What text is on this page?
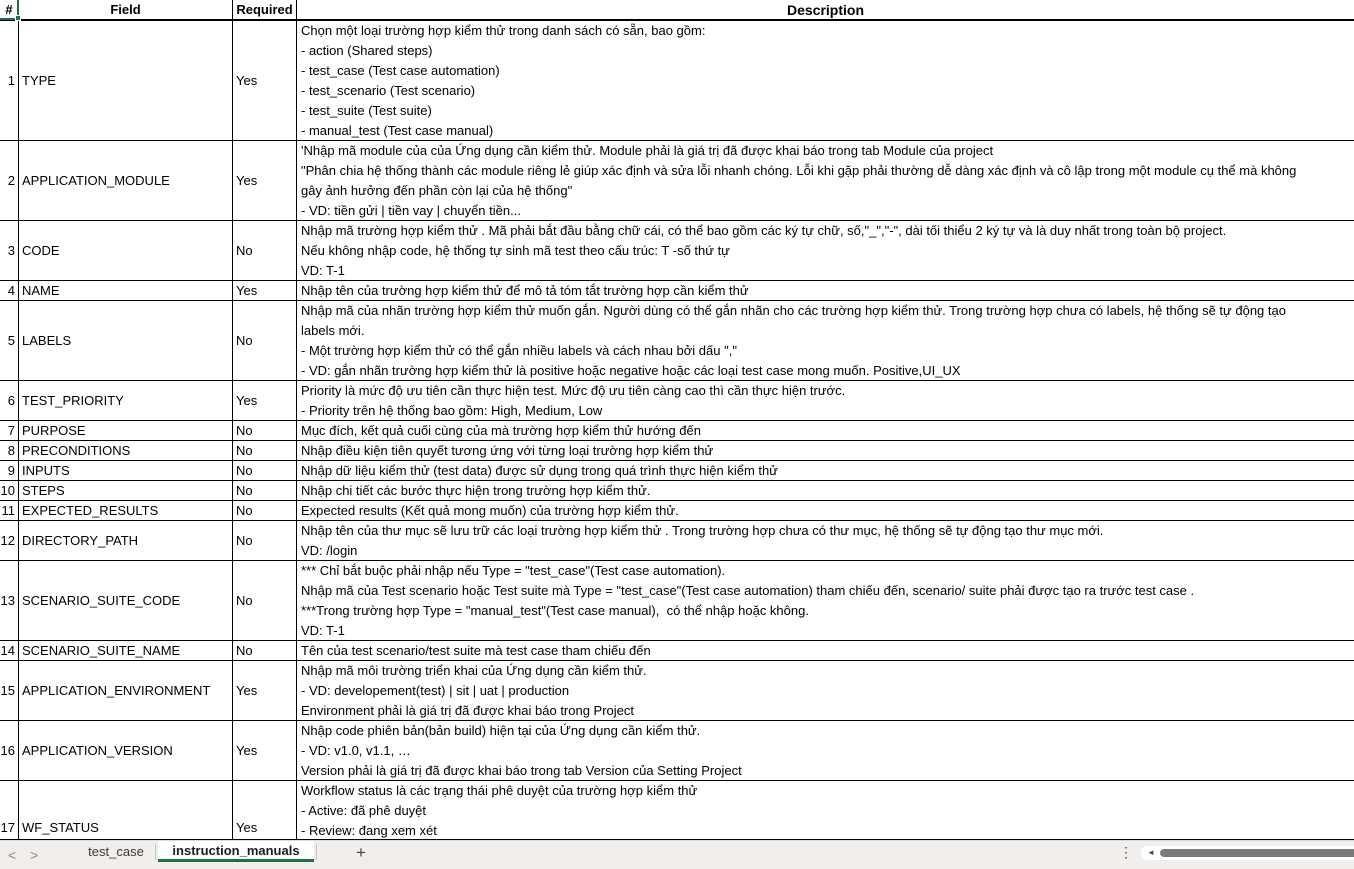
#	Field	Required	Description
1 TYPE	Yes
Chọn một loại trường hợp kiểm thử trong danh sách có sẵn, bao gồm:
- action (Shared steps)
- test_case (Test case automation)
- test_scenario (Test scenario)
- test_suite (Test suite)
- manual_test (Test case manual)
2 APPLICATION_MODULE	Yes
'Nhập mã module của của Ứng dụng cần kiểm thử. Module phải là giá trị đã được khai báo trong tab Module của project
"Phân chia hệ thống thành các module riêng lẻ giúp xác định và sửa lỗi nhanh chóng. Lỗi khi gặp phải thường dễ dàng xác định và cô lập trong một module cụ thể mà không
gây ảnh hưởng đến phần còn lại của hệ thống"
- VD: tiền gửi | tiền vay | chuyển tiền...
3 CODE	No
Nhập mã trường hợp kiểm thử . Mã phải bắt đầu bằng chữ cái, có thể bao gồm các ký tự chữ, số,"_","-", dài tối thiểu 2 ký tự và là duy nhất trong toàn bộ project.
Nếu không nhập code, hệ thống tự sinh mã test theo cấu trúc: T -số thứ tự
VD: T-1
4 NAME	Yes	Nhập tên của trường hợp kiểm thử để mô tả tóm tắt trường hợp cần kiểm thử
5 LABELS	No
Nhập mã của nhãn trường hợp kiểm thử muốn gắn. Người dùng có thể gắn nhãn cho các trường hợp kiểm thử. Trong trường hợp chưa có labels, hệ thống sẽ tự động tạo
labels mới.
- Một trường hợp kiểm thử có thể gắn nhiều labels và cách nhau bởi dấu ","
- VD: gắn nhãn trường hợp kiểm thử là positive hoặc negative hoặc các loại test case mong muốn. Positive,UI_UX
6 TEST_PRIORITY	Yes
Priority là mức độ ưu tiên cần thực hiện test. Mức độ ưu tiên càng cao thì cần thực hiện trước.
- Priority trên hệ thống bao gồm: High, Medium, Low
7 PURPOSE	No	Mục đích, kết quả cuối cùng của mà trường hợp kiểm thử hướng đến
8 PRECONDITIONS	No	Nhập điều kiện tiên quyết tương ứng với từng loại trường hợp kiểm thử
9 INPUTS	No	Nhập dữ liệu kiểm thử (test data) được sử dụng trong quá trình thực hiện kiểm thử
10 STEPS	No	Nhập chi tiết các bước thực hiện trong trường hợp kiểm thử.
11 EXPECTED_RESULTS	No	Expected results (Kết quả mong muốn) của trường hợp kiểm thử.
12 DIRECTORY_PATH	No
Nhập tên của thư mục sẽ lưu trữ các loại trường hợp kiểm thử . Trong trường hợp chưa có thư mục, hệ thống sẽ tự động tạo thư mục mới.
VD: /login
13 SCENARIO_SUITE_CODE	No
*** Chỉ bắt buộc phải nhập nếu Type = "test_case"(Test case automation).
Nhập mã của Test scenario hoặc Test suite mà Type = "test_case"(Test case automation) tham chiếu đến, scenario/ suite phải được tạo ra trước test case .
***Trong trường hợp Type = "manual_test"(Test case manual),  có thể nhập hoặc không.
VD: T-1
14 SCENARIO_SUITE_NAME	No	Tên của test scenario/test suite mà test case tham chiếu đến
15 APPLICATION_ENVIRONMENT	Yes
Nhập mã môi trường triển khai của Ứng dụng cần kiểm thử.
- VD: developement(test) | sit | uat | production
Environment phải là giá trị đã được khai báo trong Project
16 APPLICATION_VERSION	Yes
Nhập code phiên bản(bản build) hiện tại của Ứng dụng cần kiểm thử.
- VD: v1.0, v1.1, …
Version phải là giá trị đã được khai báo trong tab Version của Setting Project
17 WF_STATUS	Yes
Workflow status là các trạng thái phê duyệt của trường hợp kiểm thử
- Active: đã phê duyệt
- Review: đang xem xét
< >	test_case instruction_manuals	+	⋮	◄
